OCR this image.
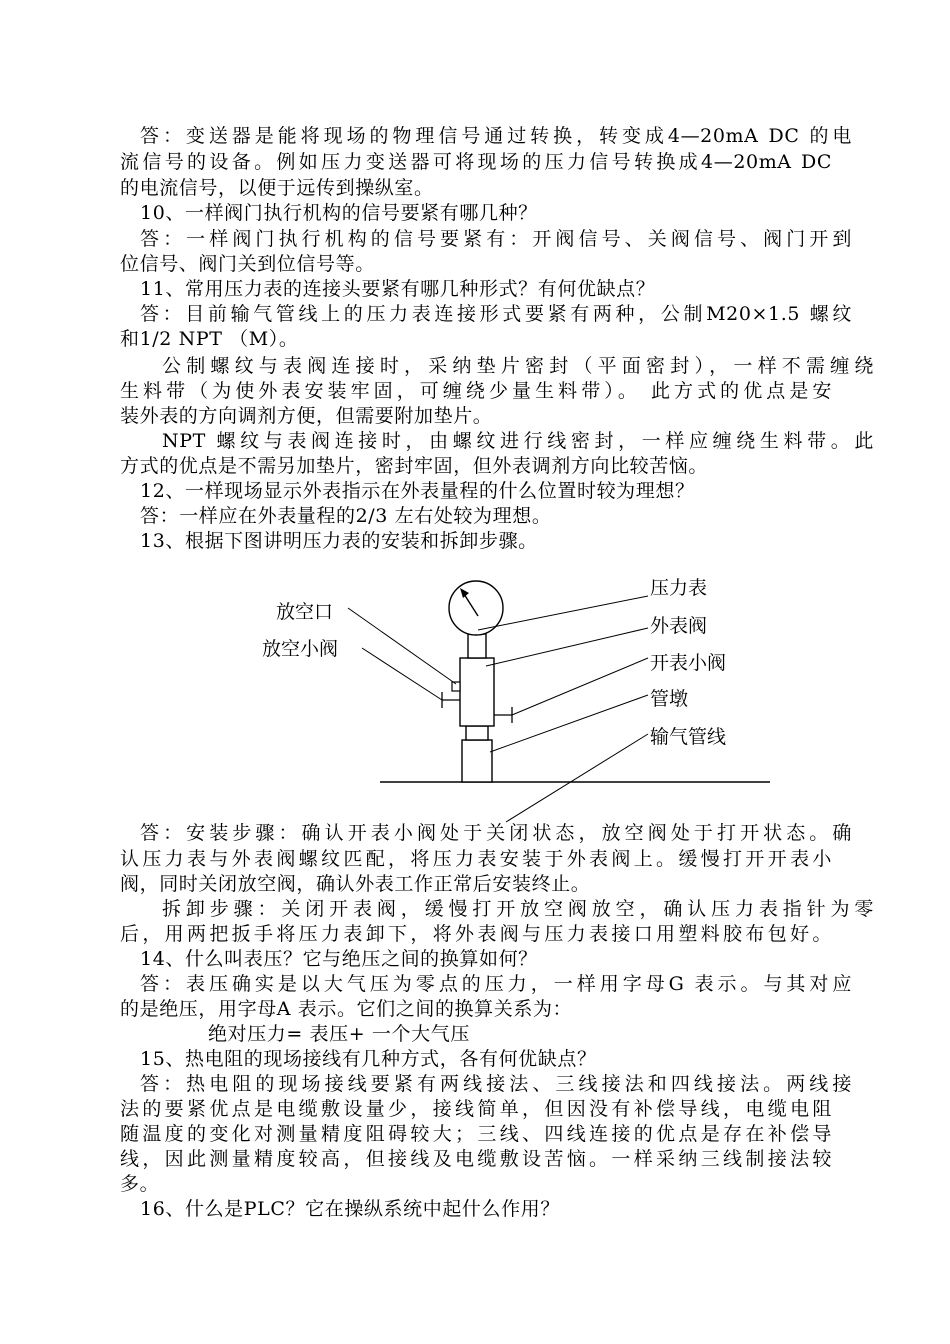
答：变送器是能将现场的物理信号通过转换，转变成4—20mA DC 的电
流信号的设备。例如压力变送器可将现场的压力信号转换成4—20mA DC
的电流信号，以便于远传到操纵室。
10、一样阀门执行机构的信号要紧有哪几种？
答：一样阀门执行机构的信号要紧有：开阀信号、关阀信号、阀门开到
位信号、阀门关到位信号等。
11、常用压力表的连接头要紧有哪几种形式？有何优缺点？
答：目前输气管线上的压力表连接形式要紧有两种，公制M20×1.5 螺纹
和1/2 NPT （M）。
公制螺纹与表阀连接时，采纳垫片密封（平面密封），一样不需缠绕
生料带（为使外表安装牢固，可缠绕少量生料带）。 此方式的优点是安
装外表的方向调剂方便，但需要附加垫片。
NPT 螺纹与表阀连接时，由螺纹进行线密封，一样应缠绕生料带。此
方式的优点是不需另加垫片，密封牢固，但外表调剂方向比较苦恼。
12、一样现场显示外表指示在外表量程的什么位置时较为理想？
答：一样应在外表量程的2/3 左右处较为理想。
13、根据下图讲明压力表的安装和拆卸步骤。
压力表
外表阀
开表小阀
管墩
输气管线
放空口
放空小阀
答：安装步骤：确认开表小阀处于关闭状态，放空阀处于打开状态。确
认压力表与外表阀螺纹匹配，将压力表安装于外表阀上。缓慢打开开表小
阀，同时关闭放空阀，确认外表工作正常后安装终止。
拆卸步骤：关闭开表阀，缓慢打开放空阀放空，确认压力表指针为零
后，用两把扳手将压力表卸下，将外表阀与压力表接口用塑料胶布包好。
14、什么叫表压？它与绝压之间的换算如何？
答：表压确实是以大气压为零点的压力，一样用字母G 表示。与其对应
的是绝压，用字母A 表示。它们之间的换算关系为：
绝对压力= 表压+ 一个大气压
15、热电阻的现场接线有几种方式，各有何优缺点？
答：热电阻的现场接线要紧有两线接法、三线接法和四线接法。两线接
法的要紧优点是电缆敷设量少，接线简单，但因没有补偿导线，电缆电阻
随温度的变化对测量精度阻碍较大；三线、四线连接的优点是存在补偿导
线，因此测量精度较高，但接线及电缆敷设苦恼。一样采纳三线制接法较
多。
16、什么是PLC？它在操纵系统中起什么作用？
